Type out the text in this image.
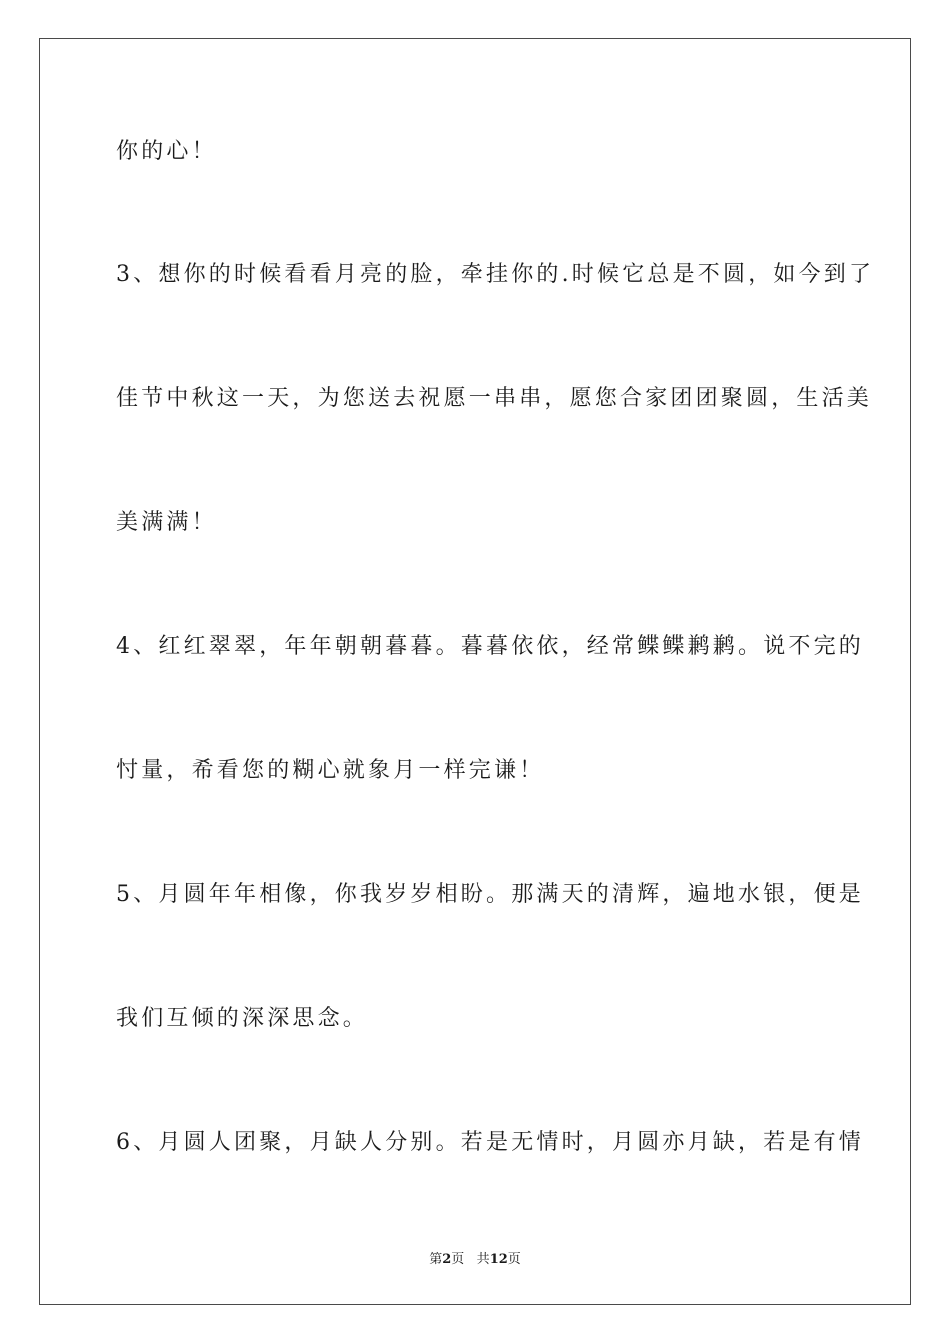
你的心！
3、想你的时候看看月亮的脸，牵挂你的.时候它总是不圆，如今到了
佳节中秋这一天，为您送去祝愿一串串，愿您合家团团聚圆，生活美
美满满！
4、红红翠翠，年年朝朝暮暮。暮暮依依，经常鲽鲽鹣鹣。说不完的
忖量，希看您的糊心就象月一样完谦！
5、月圆年年相像，你我岁岁相盼。那满天的清辉，遍地水银，便是
我们互倾的深深思念。
6、月圆人团聚，月缺人分别。若是无情时，月圆亦月缺，若是有情
第2页 共12页
